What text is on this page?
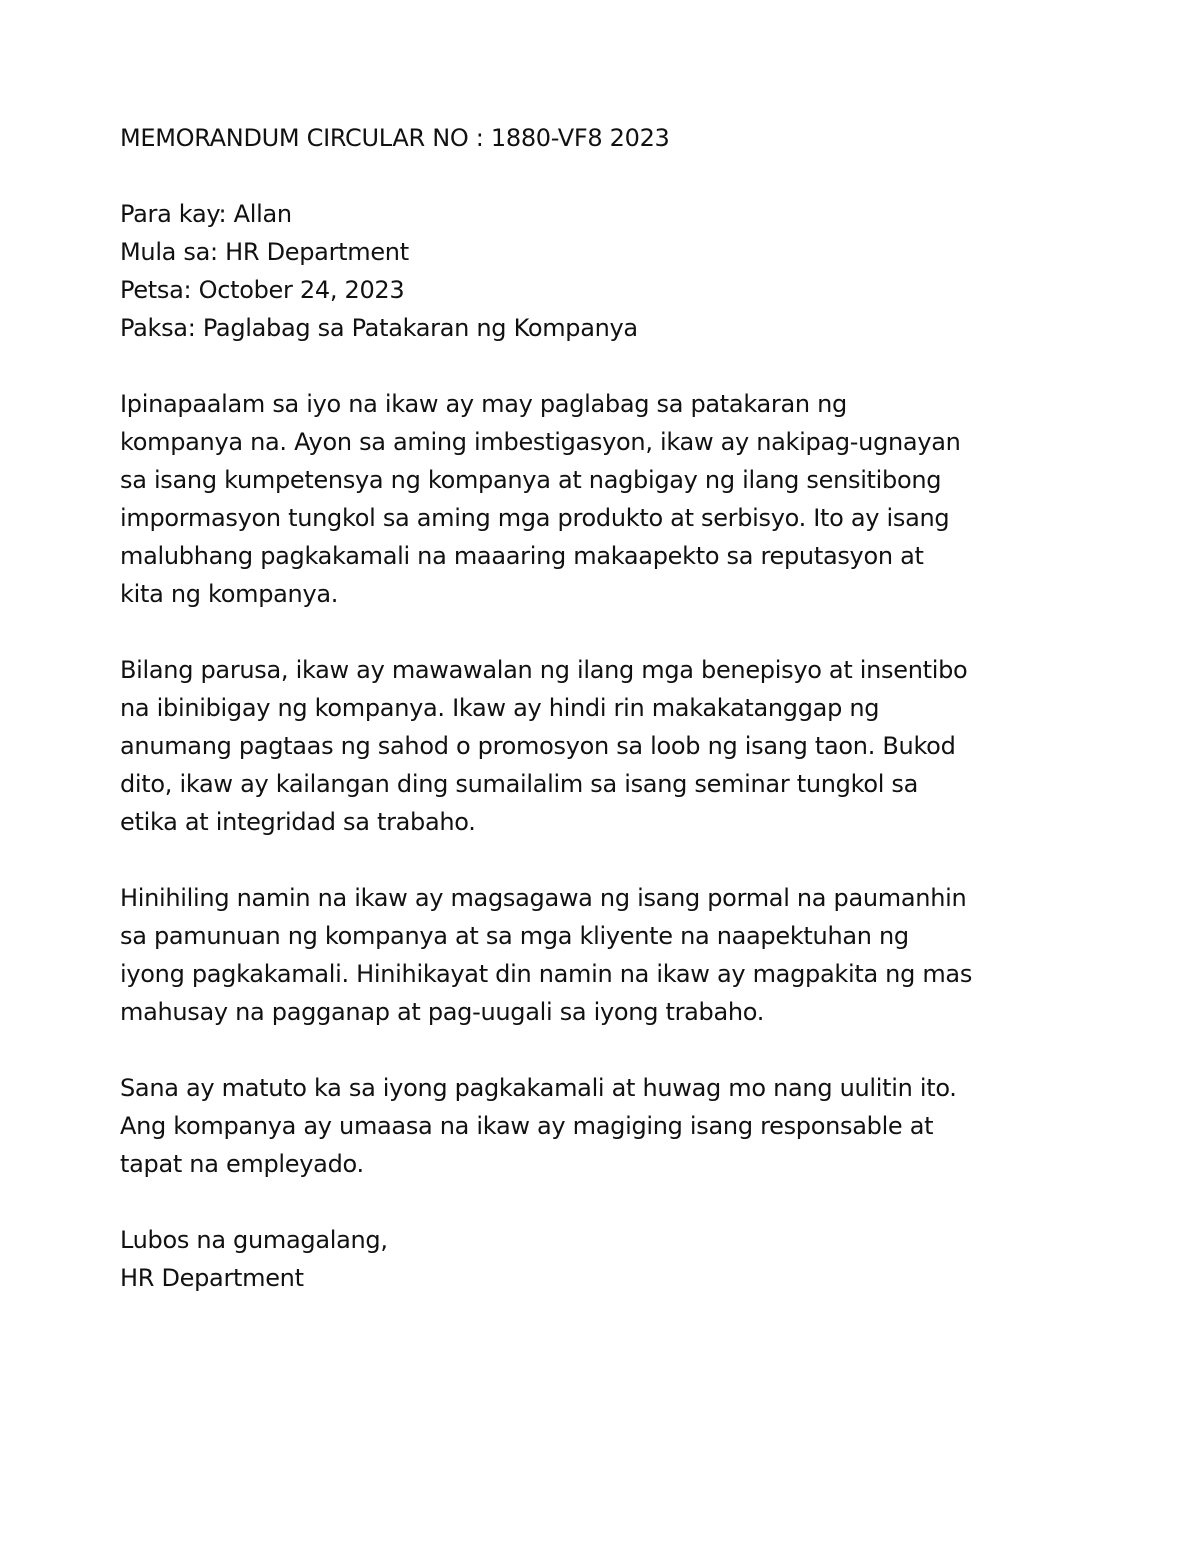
MEMORANDUM CIRCULAR NO : 1880-VF8 2023
Para kay: Allan
Mula sa: HR Department
Petsa: October 24, 2023
Paksa: Paglabag sa Patakaran ng Kompanya
Ipinapaalam sa iyo na ikaw ay may paglabag sa patakaran ng
kompanya na. Ayon sa aming imbestigasyon, ikaw ay nakipag-ugnayan
sa isang kumpetensya ng kompanya at nagbigay ng ilang sensitibong
impormasyon tungkol sa aming mga produkto at serbisyo. Ito ay isang
malubhang pagkakamali na maaaring makaapekto sa reputasyon at
kita ng kompanya.
Bilang parusa, ikaw ay mawawalan ng ilang mga benepisyo at insentibo
na ibinibigay ng kompanya. Ikaw ay hindi rin makakatanggap ng
anumang pagtaas ng sahod o promosyon sa loob ng isang taon. Bukod
dito, ikaw ay kailangan ding sumailalim sa isang seminar tungkol sa
etika at integridad sa trabaho.
Hinihiling namin na ikaw ay magsagawa ng isang pormal na paumanhin
sa pamunuan ng kompanya at sa mga kliyente na naapektuhan ng
iyong pagkakamali. Hinihikayat din namin na ikaw ay magpakita ng mas
mahusay na pagganap at pag-uugali sa iyong trabaho.
Sana ay matuto ka sa iyong pagkakamali at huwag mo nang uulitin ito.
Ang kompanya ay umaasa na ikaw ay magiging isang responsable at
tapat na empleyado.
Lubos na gumagalang,
HR Department
